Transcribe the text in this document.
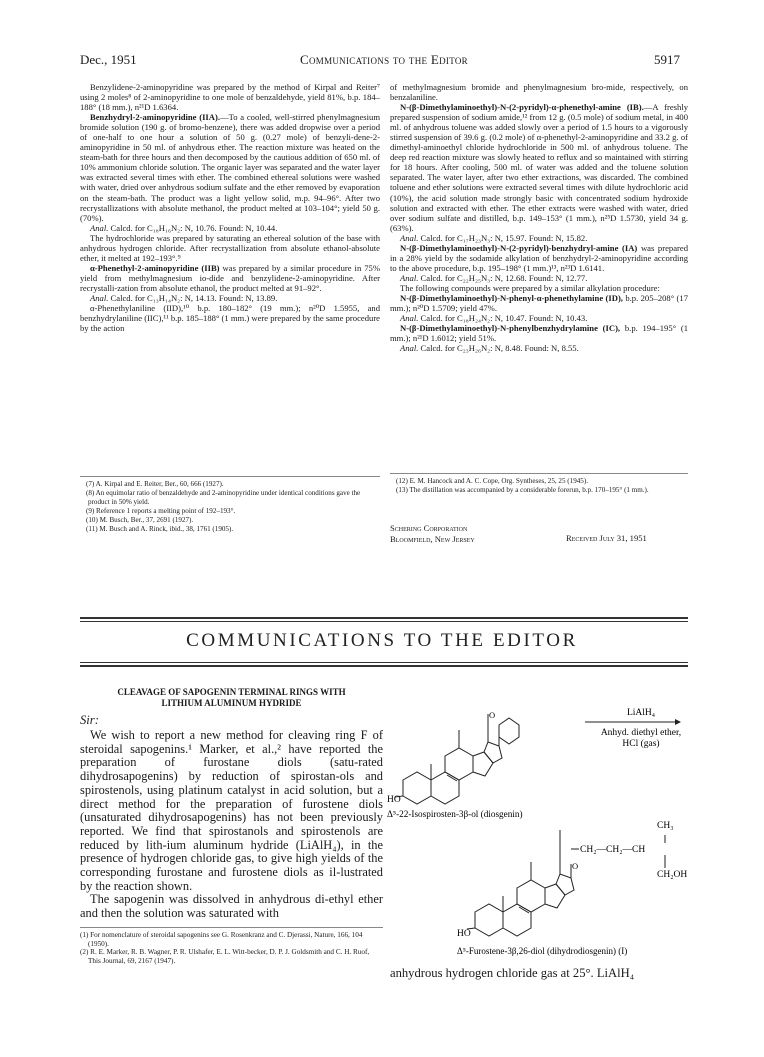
Dec., 1951	Communications to the Editor	5917

Benzylidene-2-aminopyridine was prepared by the method of Kirpal and Reiter⁷ using 2 moles⁸ of 2-aminopyridine to one mole of benzaldehyde, yield 81%, b.p. 184–188° (18 mm.), n²¹D 1.6364.

Benzhydryl-2-aminopyridine (IIA).—To a cooled, well-stirred phenylmagnesium bromide solution (190 g. of bromo-benzene), there was added dropwise over a period of one-half to one hour a solution of 50 g. (0.27 mole) of benzyli-dene-2-aminopyridine in 50 ml. of anhydrous ether. The reaction mixture was heated on the steam-bath for three hours and then decomposed by the cautious addition of 650 ml. of 10% ammonium chloride solution. The organic layer was separated and the water layer was extracted several times with ether. The combined ethereal solutions were washed with water, dried over anhydrous sodium sulfate and the ether removed by evaporation on the steam-bath. The product was a light yellow solid, m.p. 94–96°. After two recrystallizations with absolute methanol, the product melted at 103–104°; yield 50 g. (70%).

Anal. Calcd. for C₁₈H₁₆N₂: N, 10.76. Found: N, 10.44.

The hydrochloride was prepared by saturating an ethereal solution of the base with anhydrous hydrogen chloride. After recrystallization from absolute ethanol-absolute ether, it melted at 192–193°.⁹

α-Phenethyl-2-aminopyridine (IIB) was prepared by a similar procedure in 75% yield from methylmagnesium io-dide and benzylidene-2-aminopyridine. After recrystalli-zation from absolute ethanol, the product melted at 91–92°.

Anal. Calcd. for C₁₃H₁₄N₂: N, 14.13. Found: N, 13.89.

α-Phenethylaniline (IID),¹⁰ b.p. 180–182° (19 mm.); n²⁰D 1.5955, and benzhydrylaniline (IIC),¹¹ b.p. 185–188° (1 mm.) were prepared by the same procedure by the action

(7) A. Kirpal and E. Reiter, Ber., 60, 666 (1927).

(8) An equimolar ratio of benzaldehyde and 2-aminopyridine under identical conditions gave the product in 50% yield.

(9) Reference 1 reports a melting point of 192–193°.

(10) M. Busch, Ber., 37, 2691 (1927).

(11) M. Busch and A. Rinck, ibid., 38, 1761 (1905).

of methylmagnesium bromide and phenylmagnesium bro-mide, respectively, on benzalaniline.

N-(β-Dimethylaminoethyl)-N-(2-pyridyl)-α-phenethyl-amine (IB).—A freshly prepared suspension of sodium amide,¹² from 12 g. (0.5 mole) of sodium metal, in 400 ml. of anhydrous toluene was added slowly over a period of 1.5 hours to a vigorously stirred suspension of 39.6 g. (0.2 mole) of α-phenethyl-2-aminopyridine and 33.2 g. of dimethyl-aminoethyl chloride hydrochloride in 500 ml. of anhydrous toluene. The deep red reaction mixture was slowly heated to reflux and so maintained with stirring for 18 hours. After cooling, 500 ml. of water was added and the toluene solution separated. The water layer, after two ether extractions, was discarded. The combined toluene and ether solutions were extracted several times with dilute hydrochloric acid (10%), the acid solution made strongly basic with concentrated sodium hydroxide solution and extracted with ether. The ether extracts were washed with water, dried over sodium sulfate and distilled, b.p. 149–153° (1 mm.), n²⁵D 1.5730, yield 34 g. (63%).

Anal. Calcd. for C₁₇H₂₃N₃: N, 15.97. Found: N, 15.82.

N-(β-Dimethylaminoethyl)-N-(2-pyridyl)-benzhydryl-amine (IA) was prepared in a 28% yield by the sodamide alkylation of benzhydryl-2-aminopyridine according to the above procedure, b.p. 195–198° (1 mm.)¹³, n²³D 1.6141.

Anal. Calcd. for C₂₂H₂₅N₃: N, 12.68. Found: N, 12.77.

The following compounds were prepared by a similar alkylation procedure:

N-(β-Dimethylaminoethyl)-N-phenyl-α-phenethylamine (ID), b.p. 205–208° (17 mm.); n²⁰D 1.5709; yield 47%.

Anal. Calcd. for C₁₈H₂₄N₂: N, 10.47. Found: N, 10.43.

N-(β-Dimethylaminoethyl)-N-phenylbenzhydrylamine (IC), b.p. 194–195° (1 mm.); n²¹D 1.6012; yield 51%.

Anal. Calcd. for C₂₃H₂₆N₂: N, 8.48. Found: N, 8.55.

(12) E. M. Hancock and A. C. Cope, Org. Syntheses, 25, 25 (1945).

(13) The distillation was accompanied by a considerable forerun, b.p. 170–195° (1 mm.).

Schering Corporation
Bloomfield, New Jersey	Received July 31, 1951
COMMUNICATIONS TO THE EDITOR
CLEAVAGE OF SAPOGENIN TERMINAL RINGS WITH
LITHIUM ALUMINUM HYDRIDE
Sir:

We wish to report a new method for cleaving ring F of steroidal sapogenins.¹ Marker, et al.,² have reported the preparation of furostane diols (satu-rated dihydrosapogenins) by reduction of spirostan-ols and spirostenols, using platinum catalyst in acid solution, but a direct method for the preparation of furostene diols (unsaturated dihydrosapogenins) has not been previously reported. We find that spirostanols and spirostenols are reduced by lith-ium aluminum hydride (LiAlH₄), in the presence of hydrogen chloride gas, to give high yields of the corresponding furostane and furostene diols as il-lustrated by the reaction shown.

The sapogenin was dissolved in anhydrous di-ethyl ether and then the solution was saturated with

(1) For nomenclature of steroidal sapogenins see G. Rosenkranz and C. Djerassi, Nature, 166, 104 (1950).

(2) R. E. Marker, R. B. Wagner, P. R. Ulshafer, E. L. Witt-becker, D. P. J. Goldsmith and C. H. Ruof, This Journal, 69, 2167 (1947).

anhydrous hydrogen chloride gas at 25°. LiAlH₄
HO
O
Δ⁵-22-Isospirosten-3β-ol (diosgenin)
LiAlH₄
Anhyd. diethyl ether,
HCl (gas)
CH₂—CH₂—CH
CH₃
CH₂OH
O
HO
Δ⁵-Furostene-3β,26-diol (dihydrodiosgenin) (I)
